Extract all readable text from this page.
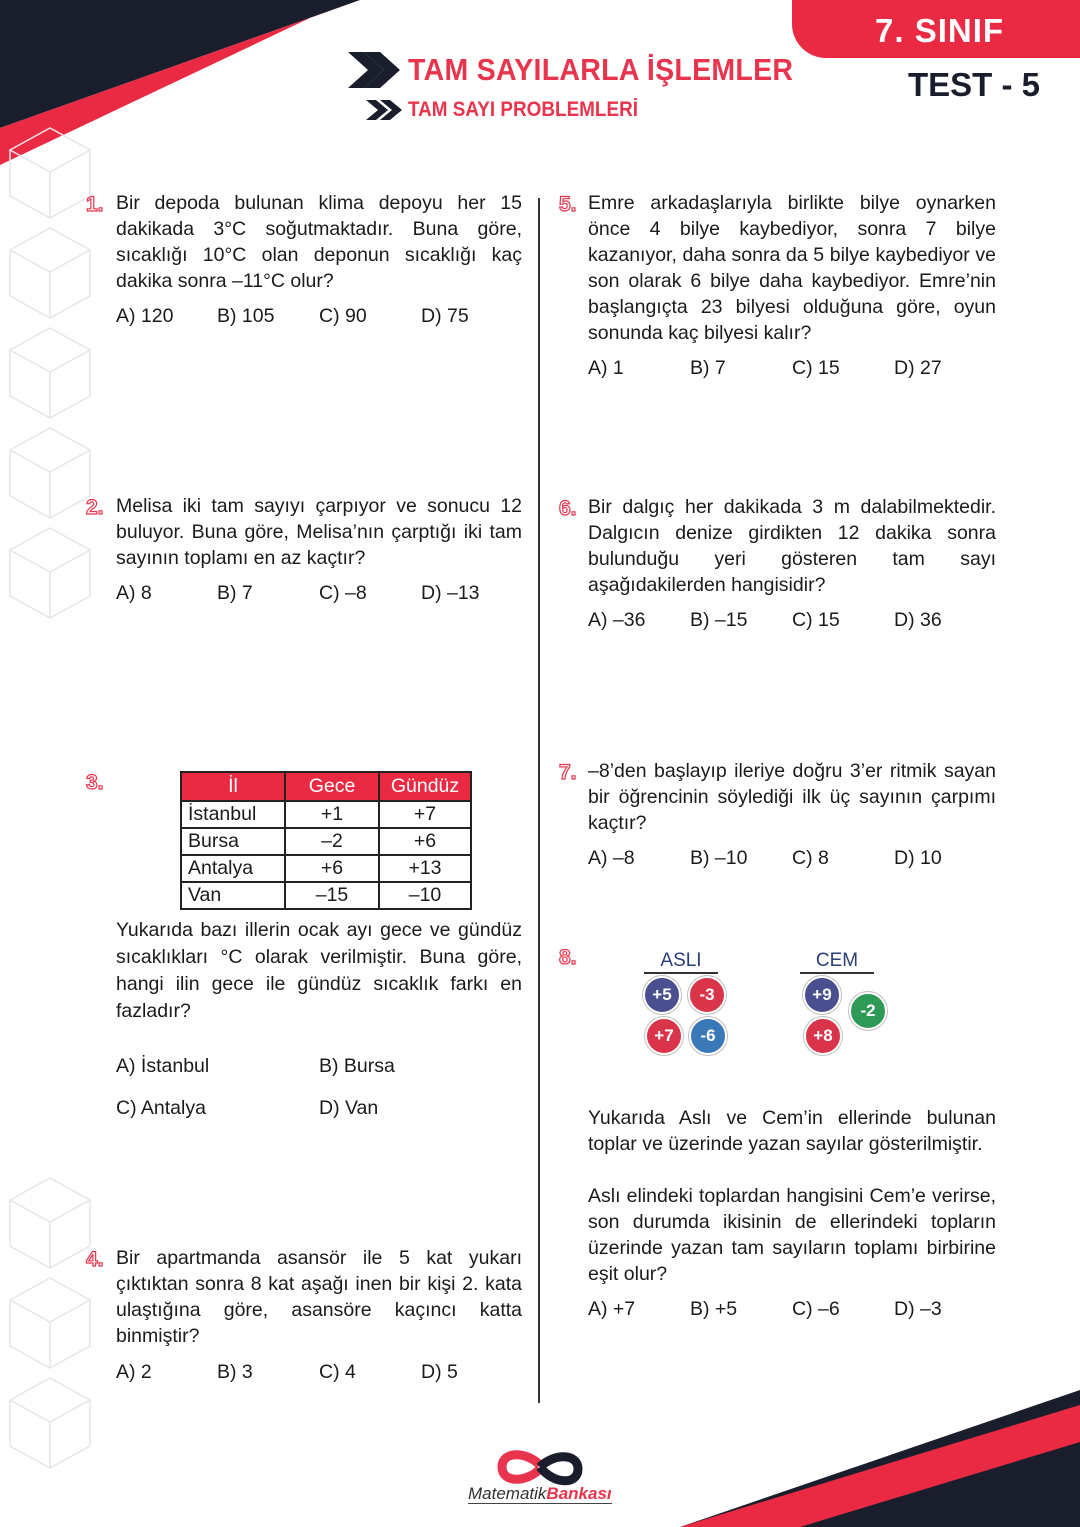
7. SINIF
TEST - 5
TAM SAYILARLA İŞLEMLER
TAM SAYI PROBLEMLERİ
1. Bir depoda bulunan klima depoyu her 15 dakikada 3°C soğutmaktadır. Buna göre, sıcaklığı 10°C olan deponun sıcaklığı kaç dakika sonra –11°C olur?
A) 120 B) 105 C) 90	D) 75
2. Melisa iki tam sayıyı çarpıyor ve sonucu 12 buluyor. Buna göre, Melisa’nın çarptığı iki tam sayının toplamı en az kaçtır?
A) 8	B) 7	C) –8	D) –13
3.	İl	Gece	Gündüz
İstanbul	+1	+7
Bursa	–2	+6
Antalya	+6	+13
Van	–15	–10
Yukarıda bazı illerin ocak ayı gece ve gündüz sıcaklıkları °C olarak verilmiştir. Buna göre, hangi ilin gece ile gündüz sıcaklık farkı en fazladır?
A) İstanbul	B) Bursa
C) Antalya	D) Van
4. Bir apartmanda asansör ile 5 kat yukarı çıktıktan sonra 8 kat aşağı inen bir kişi 2. kata ulaştığına göre, asansöre kaçıncı katta binmiştir?
A) 2	B) 3	C) 4	D) 5
5. Emre arkadaşlarıyla birlikte bilye oynarken önce 4 bilye kaybediyor, sonra 7 bilye kazanıyor, daha sonra da 5 bilye kaybediyor ve son olarak 6 bilye daha kaybediyor. Emre’nin başlangıçta 23 bilyesi olduğuna göre, oyun sonunda kaç bilyesi kalır?
A) 1	B) 7	C) 15	D) 27
6. Bir dalgıç her dakikada 3 m dalabilmektedir. Dalgıcın denize girdikten 12 dakika sonra bulunduğu yeri gösteren tam sayı aşağıdakilerden hangisidir?
A) –36 B) –15 C) 15	D) 36
7. –8’den başlayıp ileriye doğru 3’er ritmik sayan bir öğrencinin söylediği ilk üç sayının çarpımı kaçtır?
A) –8	B) –10 C) 8	D) 10
8.	ASLI	CEM
+5	-3
+7	-6
+9
-2
+8
Yukarıda Aslı ve Cem’in ellerinde bulunan toplar ve üzerinde yazan sayılar gösterilmiştir.
Aslı elindeki toplardan hangisini Cem’e verirse, son durumda ikisinin de ellerindeki topların üzerinde yazan tam sayıların toplamı birbirine eşit olur?
A) +7	B) +5	C) –6	D) –3
MatematikBankası
